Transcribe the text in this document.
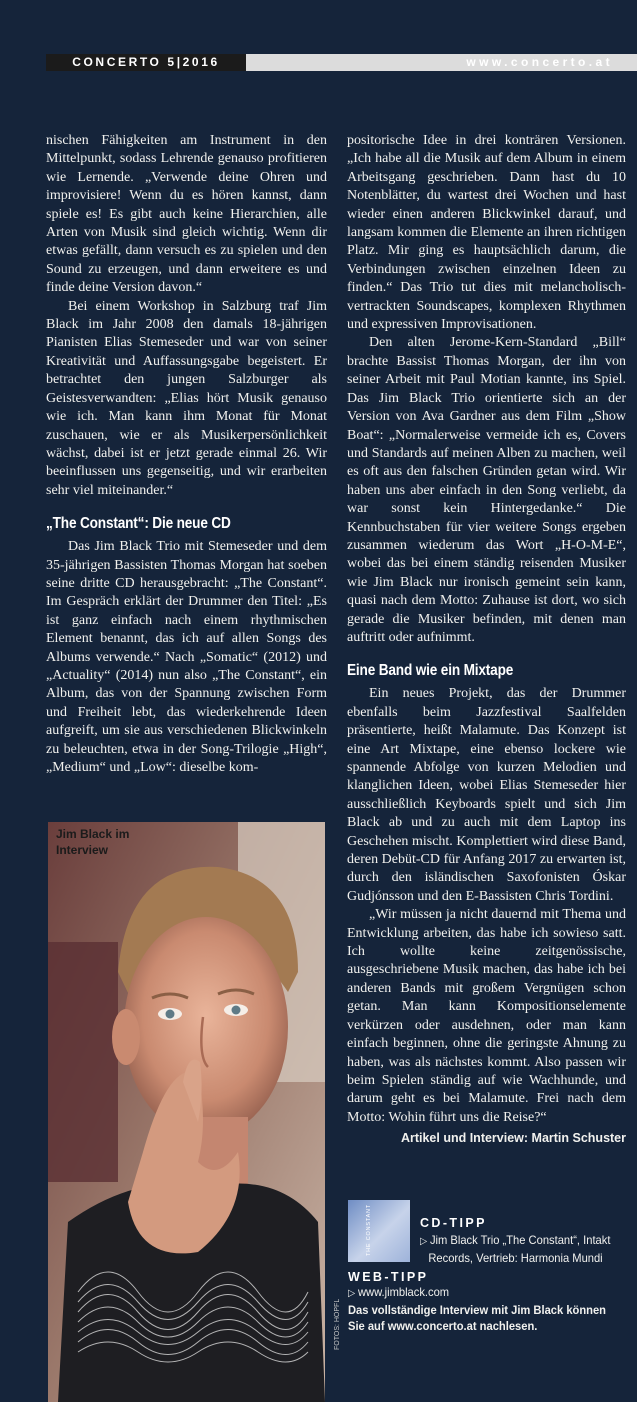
CONCERTO 5|2016	www.concerto.at

nischen Fähigkeiten am Instrument in den Mittelpunkt, sodass Lehrende genauso profitieren wie Lernende. „Verwende deine Ohren und improvisiere! Wenn du es hören kannst, dann spiele es! Es gibt auch keine Hierarchien, alle Arten von Musik sind gleich wichtig. Wenn dir etwas gefällt, dann versuch es zu spielen und den Sound zu erzeugen, und dann erweitere es und finde deine Version davon.“

Bei einem Workshop in Salzburg traf Jim Black im Jahr 2008 den damals 18-jährigen Pianisten Elias Stemeseder und war von seiner Kreativität und Auffassungsgabe begeistert. Er betrachtet den jungen Salzburger als Geistesverwandten: „Elias hört Musik genauso wie ich. Man kann ihm Monat für Monat zuschauen, wie er als Musikerpersönlichkeit wächst, dabei ist er jetzt gerade einmal 26. Wir beeinflussen uns gegenseitig, und wir erarbeiten sehr viel miteinander.“

„The Constant“: Die neue CD

Das Jim Black Trio mit Stemeseder und dem 35-jährigen Bassisten Thomas Morgan hat soeben seine dritte CD herausgebracht: „The Constant“. Im Gespräch erklärt der Drummer den Titel: „Es ist ganz einfach nach einem rhythmischen Element benannt, das ich auf allen Songs des Albums verwende.“ Nach „Somatic“ (2012) und „Actuality“ (2014) nun also „The Constant“, ein Album, das von der Spannung zwischen Form und Freiheit lebt, das wiederkehrende Ideen aufgreift, um sie aus verschiedenen Blickwinkeln zu beleuchten, etwa in der Song-Trilogie „High“, „Medium“ und „Low“: dieselbe kom-

Jim Black im Interview
FOTOS: HÖPFL

positorische Idee in drei konträren Versionen. „Ich habe all die Musik auf dem Album in einem Arbeitsgang geschrieben. Dann hast du 10 Notenblätter, du wartest drei Wochen und hast wieder einen anderen Blickwinkel darauf, und langsam kommen die Elemente an ihren richtigen Platz. Mir ging es hauptsächlich darum, die Verbindungen zwischen einzelnen Ideen zu finden.“ Das Trio tut dies mit melancholisch-vertrackten Soundscapes, komplexen Rhythmen und expressiven Improvisationen.

Den alten Jerome-Kern-Standard „Bill“ brachte Bassist Thomas Morgan, der ihn von seiner Arbeit mit Paul Motian kannte, ins Spiel. Das Jim Black Trio orientierte sich an der Version von Ava Gardner aus dem Film „Show Boat“: „Normalerweise vermeide ich es, Covers und Standards auf meinen Alben zu machen, weil es oft aus den falschen Gründen getan wird. Wir haben uns aber einfach in den Song verliebt, da war sonst kein Hintergedanke.“ Die Kennbuchstaben für vier weitere Songs ergeben zusammen wiederum das Wort „H-O-M-E“, wobei das bei einem ständig reisenden Musiker wie Jim Black nur ironisch gemeint sein kann, quasi nach dem Motto: Zuhause ist dort, wo sich gerade die Musiker befinden, mit denen man auftritt oder aufnimmt.

Eine Band wie ein Mixtape

Ein neues Projekt, das der Drummer ebenfalls beim Jazzfestival Saalfelden präsentierte, heißt Malamute. Das Konzept ist eine Art Mixtape, eine ebenso lockere wie spannende Abfolge von kurzen Melodien und klanglichen Ideen, wobei Elias Stemeseder hier ausschließlich Keyboards spielt und sich Jim Black ab und zu auch mit dem Laptop ins Geschehen mischt. Komplettiert wird diese Band, deren Debüt-CD für Anfang 2017 zu erwarten ist, durch den isländischen Saxofonisten Óskar Gudjónsson und den E-Bassisten Chris Tordini.

„Wir müssen ja nicht dauernd mit Thema und Entwicklung arbeiten, das habe ich sowieso satt. Ich wollte keine zeitgenössische, ausgeschriebene Musik machen, das habe ich bei anderen Bands mit großem Vergnügen schon getan. Man kann Kompositionselemente verkürzen oder ausdehnen, oder man kann einfach beginnen, ohne die geringste Ahnung zu haben, was als nächstes kommt. Also passen wir beim Spielen ständig auf wie Wachhunde, und darum geht es bei Malamute. Frei nach dem Motto: Wohin führt uns die Reise?“

Artikel und Interview: Martin Schuster
THE CONSTANT	CD-TIPP
▷ Jim Black Trio „The Constant“, Intakt
Records, Vertrieb: Harmonia Mundi
WEB-TIPP
▷ www.jimblack.com
Das vollständige Interview mit Jim Black können
Sie auf www.concerto.at nachlesen.
